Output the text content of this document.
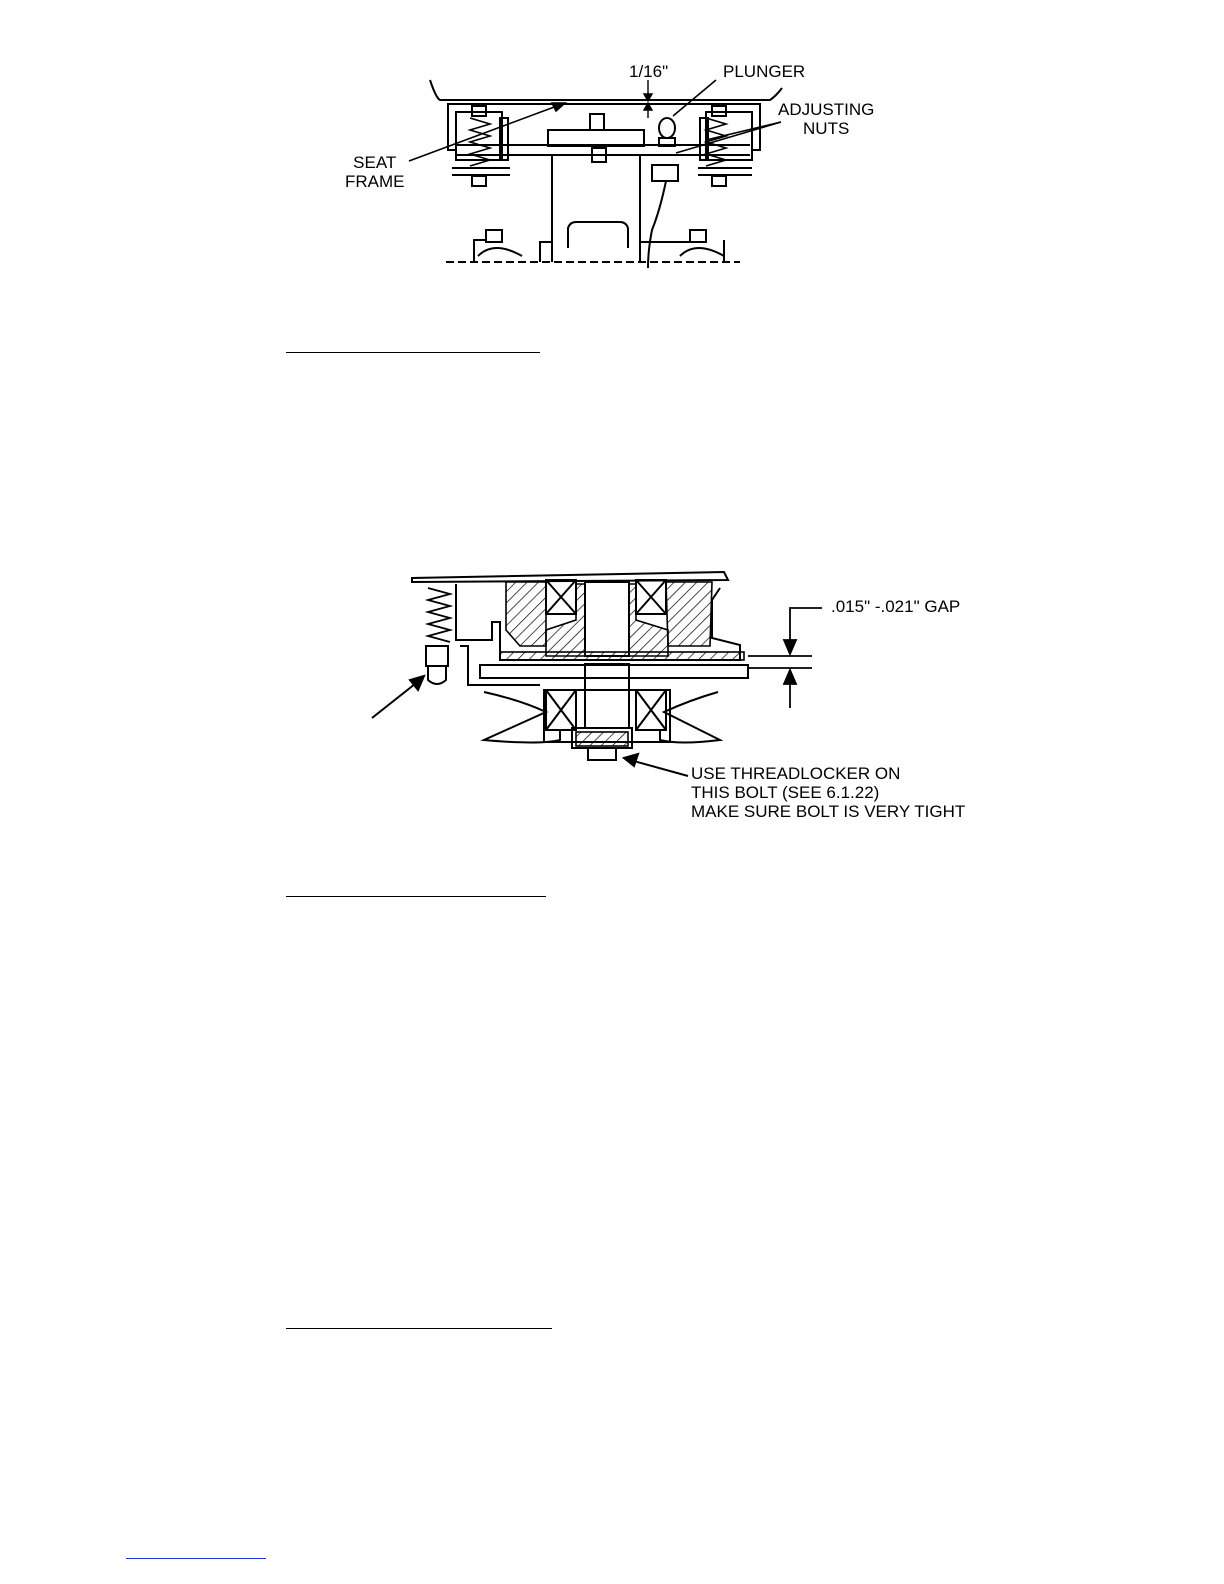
1/16"	PLUNGER
ADJUSTING
NUTS
SEAT
FRAME
.015" -.021" GAP
USE THREADLOCKER ON
THIS BOLT (SEE 6.1.22)
MAKE SURE BOLT IS VERY TIGHT
